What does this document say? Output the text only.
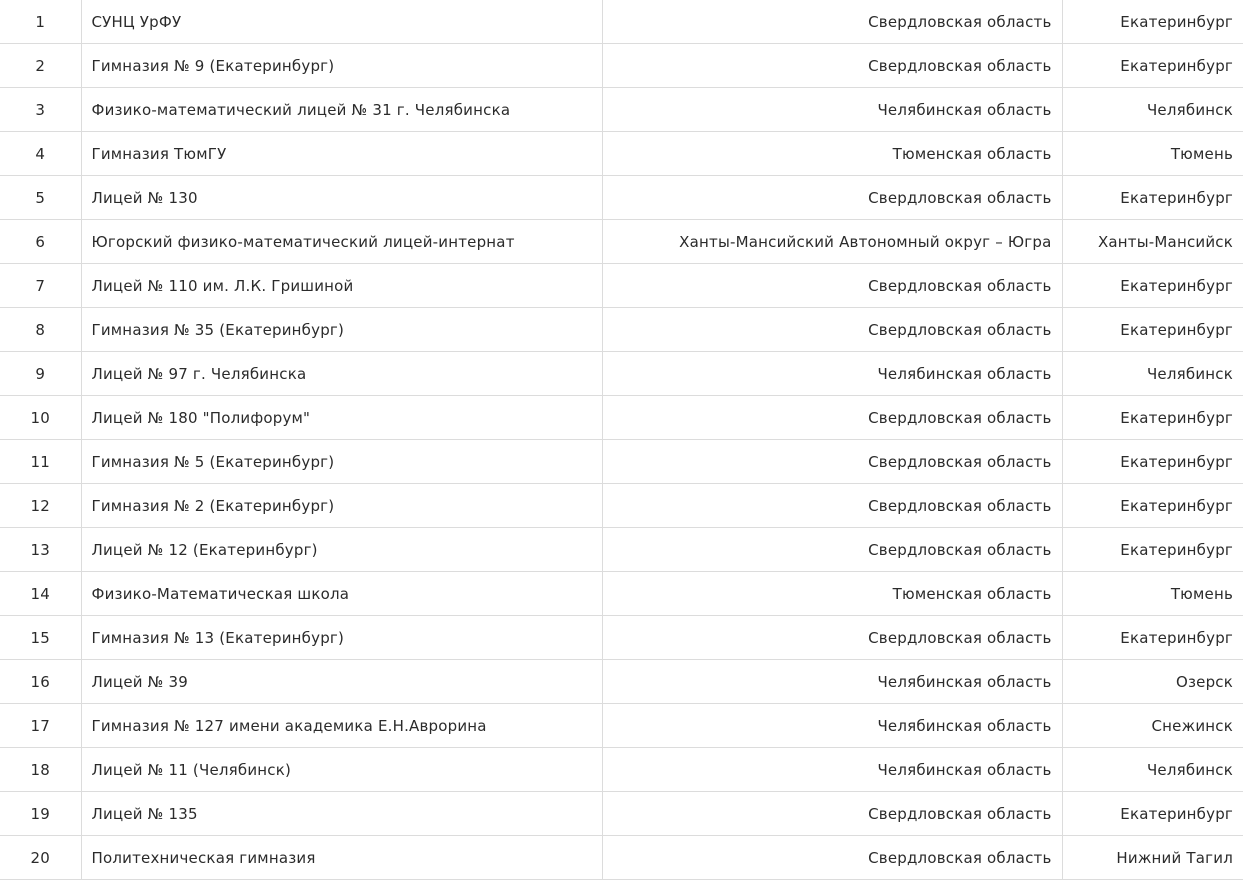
1	СУНЦ УрФУ	Свердловская область	Екатеринбург
2	Гимназия № 9 (Екатеринбург)	Свердловская область	Екатеринбург
3	Физико-математический лицей № 31 г. Челябинска	Челябинская область	Челябинск
4	Гимназия ТюмГУ	Тюменская область	Тюмень
5	Лицей № 130	Свердловская область	Екатеринбург
6	Югорский физико-математический лицей-интернат	Ханты-Мансийский Автономный округ – Югра	Ханты-Мансийск
7	Лицей № 110 им. Л.К. Гришиной	Свердловская область	Екатеринбург
8	Гимназия № 35 (Екатеринбург)	Свердловская область	Екатеринбург
9	Лицей № 97 г. Челябинска	Челябинская область	Челябинск
10	Лицей № 180 "Полифорум"	Свердловская область	Екатеринбург
11	Гимназия № 5 (Екатеринбург)	Свердловская область	Екатеринбург
12	Гимназия № 2 (Екатеринбург)	Свердловская область	Екатеринбург
13	Лицей № 12 (Екатеринбург)	Свердловская область	Екатеринбург
14	Физико-Математическая школа	Тюменская область	Тюмень
15	Гимназия № 13 (Екатеринбург)	Свердловская область	Екатеринбург
16	Лицей № 39	Челябинская область	Озерск
17	Гимназия № 127 имени академика Е.Н.Аврорина	Челябинская область	Снежинск
18	Лицей № 11 (Челябинск)	Челябинская область	Челябинск
19	Лицей № 135	Свердловская область	Екатеринбург
20	Политехническая гимназия	Свердловская область	Нижний Тагил
